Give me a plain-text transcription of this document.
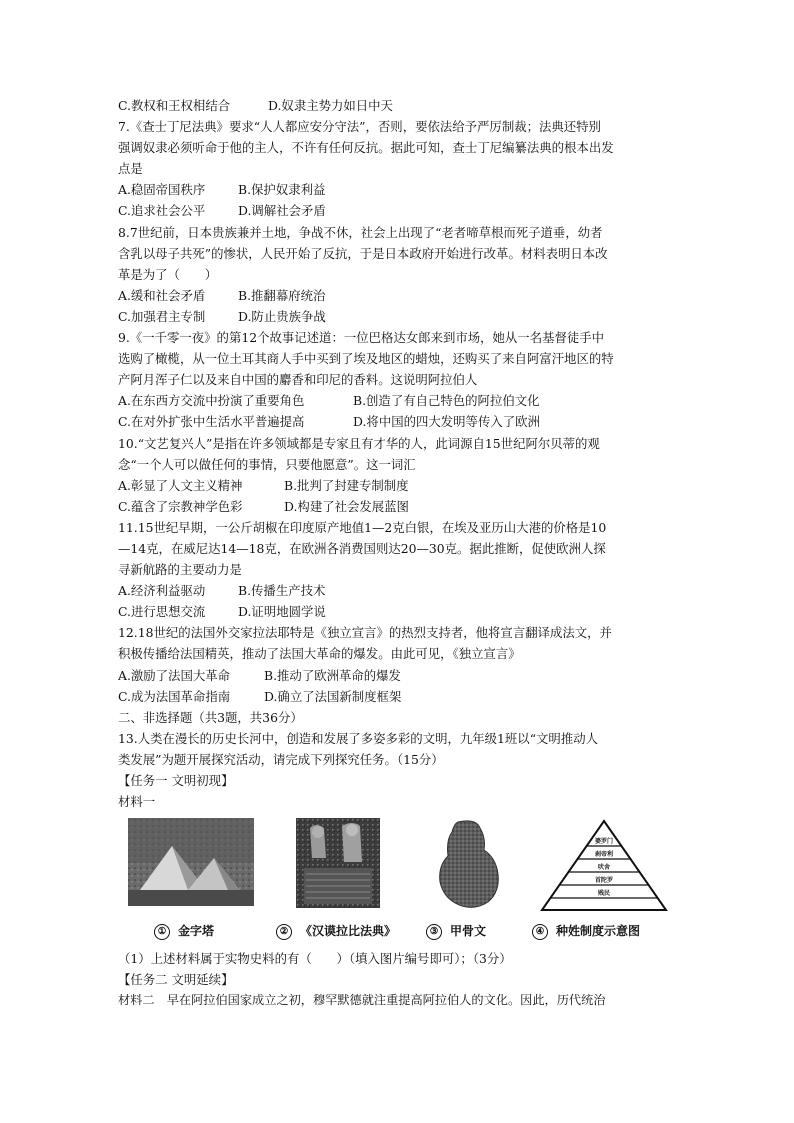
C.教权和王权相结合	D.奴隶主势力如日中天
7.《查士丁尼法典》要求“人人都应安分守法”，否则，要依法给予严厉制裁；法典还特别
强调奴隶必须听命于他的主人，不许有任何反抗。据此可知，查士丁尼编纂法典的根本出发
点是
A.稳固帝国秩序	B.保护奴隶利益
C.追求社会公平	D.调解社会矛盾
8.7世纪前，日本贵族兼并土地，争战不休，社会上出现了“老者啼草根而死子道垂，幼者
含乳以母子共死”的惨状，人民开始了反抗，于是日本政府开始进行改革。材料表明日本改
革是为了（　　）
A.缓和社会矛盾	B.推翻幕府统治
C.加强君主专制	D.防止贵族争战
9.《一千零一夜》的第12个故事记述道：一位巴格达女郎来到市场，她从一名基督徒手中
选购了橄榄，从一位土耳其商人手中买到了埃及地区的蜡烛，还购买了来自阿富汗地区的特
产阿月浑子仁以及来自中国的麝香和印尼的香料。这说明阿拉伯人
A.在东西方交流中扮演了重要角色	B.创造了有自己特色的阿拉伯文化
C.在对外扩张中生活水平普遍提高	D.将中国的四大发明等传入了欧洲
10.“文艺复兴人”是指在许多领域都是专家且有才华的人，此词源自15世纪阿尔贝蒂的观
念“一个人可以做任何的事情，只要他愿意”。这一词汇
A.彰显了人文主义精神	B.批判了封建专制制度
C.蕴含了宗教神学色彩	D.构建了社会发展蓝图
11.15世纪早期，一公斤胡椒在印度原产地值1—2克白银，在埃及亚历山大港的价格是10
—14克，在威尼达14—18克，在欧洲各消费国则达20—30克。据此推断，促使欧洲人探
寻新航路的主要动力是
A.经济利益驱动	B.传播生产技术
C.进行思想交流	D.证明地圆学说
12.18世纪的法国外交家拉法耶特是《独立宣言》的热烈支持者，他将宣言翻译成法文，并
积极传播给法国精英，推动了法国大革命的爆发。由此可见，《独立宣言》
A.激励了法国大革命	B.推动了欧洲革命的爆发
C.成为法国革命指南	D.确立了法国新制度框架
二、非选择题（共3题，共36分）
13.人类在漫长的历史长河中，创造和发展了多姿多彩的文明，九年级1班以“文明推动人
类发展”为题开展探究活动，请完成下列探究任务。（15分）
【任务一 文明初现】
材料一
婆罗门
刹帝利
吠舍
首陀罗
贱民
① 金字塔	② 《汉谟拉比法典》	③ 甲骨文	④ 种姓制度示意图
（1）上述材料属于实物史料的有（　　）（填入图片编号即可）；（3分）
【任务二 文明延续】
材料二　早在阿拉伯国家成立之初，穆罕默德就注重提高阿拉伯人的文化。因此，历代统治
